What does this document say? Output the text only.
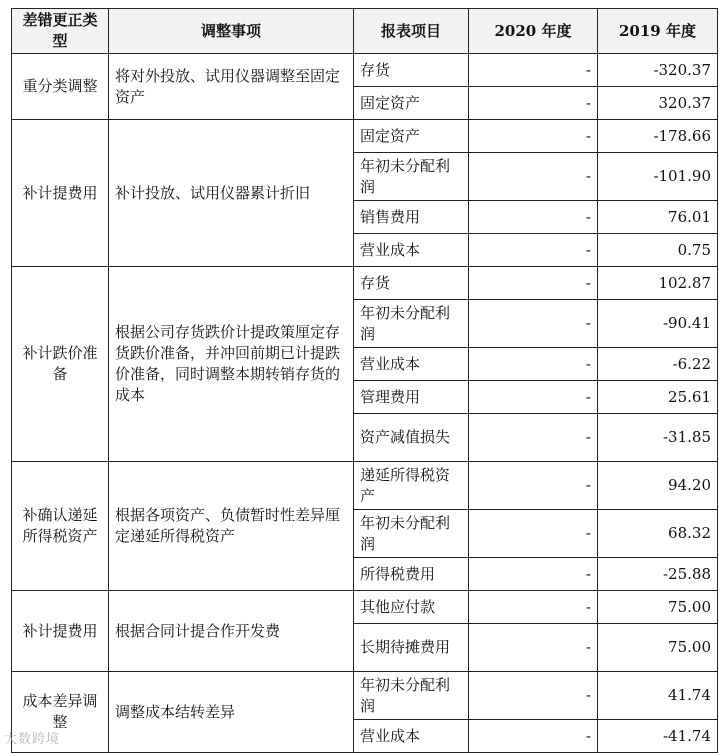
差错更正类型	调整事项	报表项目	2020 年度	2019 年度
重分类调整	将对外投放、试用仪器调整至固定资产	存货	-	-320.37
		固定资产	-	320.37
补计提费用	补计投放、试用仪器累计折旧	固定资产	-	-178.66
		年初未分配利润	-	-101.90
		销售费用	-	76.01
		营业成本	-	0.75
补计跌价准备	根据公司存货跌价计提政策厘定存货跌价准备，并冲回前期已计提跌价准备，同时调整本期转销存货的成本	存货	-	102.87
		年初未分配利润	-	-90.41
		营业成本	-	-6.22
		管理费用	-	25.61
		资产减值损失	-	-31.85
补确认递延所得税资产	根据各项资产、负债暂时性差异厘定递延所得税资产	递延所得税资产	-	94.20
		年初未分配利润	-	68.32
		所得税费用	-	-25.88
补计提费用	根据合同计提合作开发费	其他应付款	-	75.00
		长期待摊费用	-	75.00
成本差异调整	调整成本结转差异	年初未分配利润	-	41.74
		营业成本	-	-41.74
大数跨境
